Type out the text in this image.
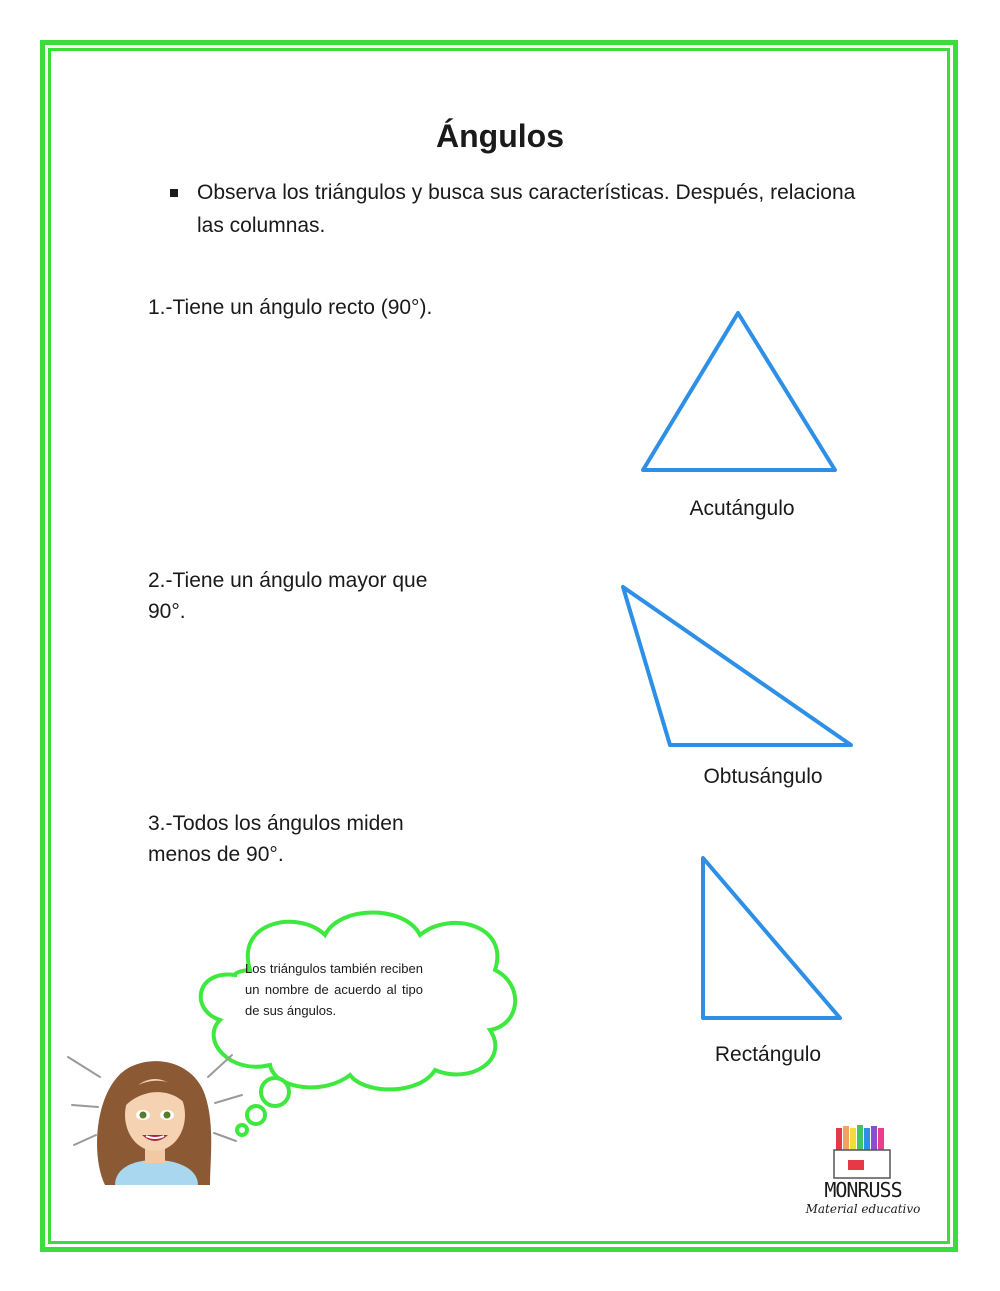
Ángulos
Observa los triángulos y busca sus características. Después, relaciona las columnas.
1.-Tiene un ángulo recto (90°).
2.-Tiene un ángulo mayor que 90°.
3.-Todos los ángulos miden menos de 90°.
Acutángulo
Obtusángulo
Rectángulo
Los triángulos también reciben un nombre de acuerdo al tipo de sus ángulos.
MONRUSS
Material educativo
